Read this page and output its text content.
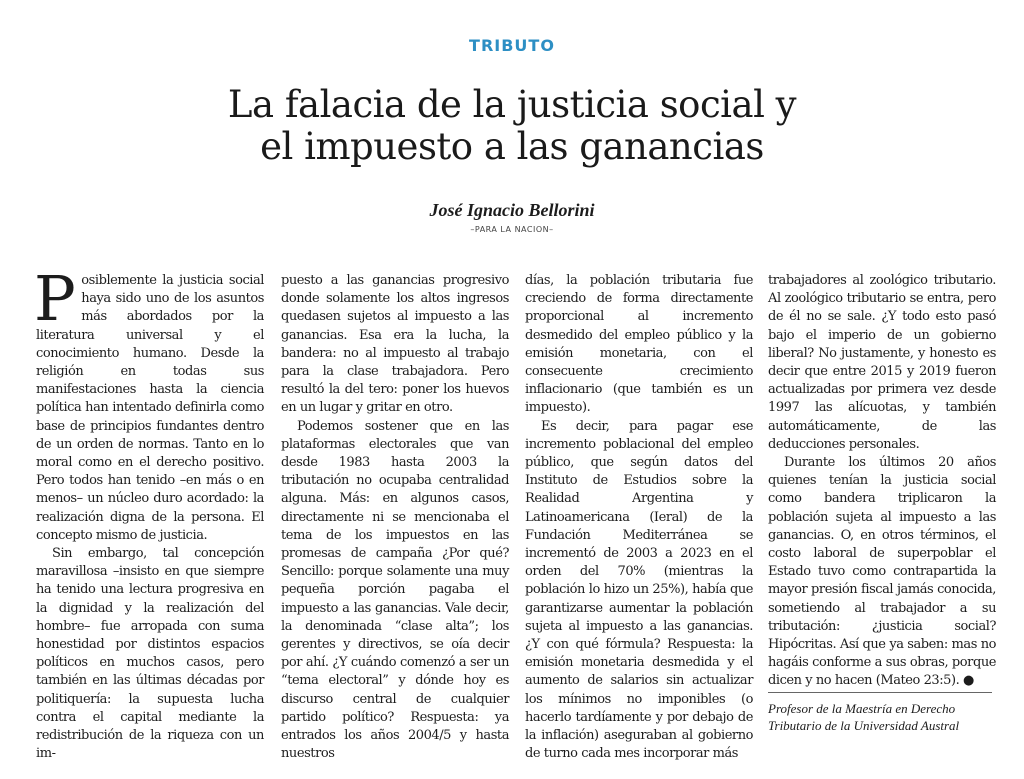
TRIBUTO
La falacia de la justicia social y
el impuesto a las ganancias
José Ignacio Bellorini
–PARA LA NACION–

Posiblemente la justicia social haya sido uno de los asuntos más abordados por la literatura universal y el conocimiento humano. Desde la religión en todas sus manifestaciones hasta la ciencia política han intentado definirla como base de principios fundantes dentro de un orden de normas. Tanto en lo moral como en el derecho positivo. Pero todos han tenido –en más o en menos– un núcleo duro acordado: la realización digna de la persona. El concepto mismo de justicia.

Sin embargo, tal concepción maravillosa –insisto en que siempre ha tenido una lectura progresiva en la dignidad y la realización del hombre– fue arropada con suma honestidad por distintos espacios políticos en muchos casos, pero también en las últimas décadas por politiquería: la supuesta lucha contra el capital mediante la redistribución de la riqueza con un im-

puesto a las ganancias progresivo donde solamente los altos ingresos quedasen sujetos al impuesto a las ganancias. Esa era la lucha, la bandera: no al impuesto al trabajo para la clase trabajadora. Pero resultó la del tero: poner los huevos en un lugar y gritar en otro.

Podemos sostener que en las plataformas electorales que van desde 1983 hasta 2003 la tributación no ocupaba centralidad alguna. Más: en algunos casos, directamente ni se mencionaba el tema de los impuestos en las promesas de campaña ¿Por qué? Sencillo: porque solamente una muy pequeña porción pagaba el impuesto a las ganancias. Vale decir, la denominada “clase alta”; los gerentes y directivos, se oía decir por ahí. ¿Y cuándo comenzó a ser un “tema electoral” y dónde hoy es discurso central de cualquier partido político? Respuesta: ya entrados los años 2004/5 y hasta nuestros

días, la población tributaria fue creciendo de forma directamente proporcional al incremento desmedido del empleo público y la emisión monetaria, con el consecuente crecimiento inflacionario (que también es un impuesto).

Es decir, para pagar ese incremento poblacional del empleo público, que según datos del Instituto de Estudios sobre la Realidad Argentina y Latinoamericana (Ieral) de la Fundación Mediterránea se incrementó de 2003 a 2023 en el orden del 70% (mientras la población lo hizo un 25%), había que garantizarse aumentar la población sujeta al impuesto a las ganancias. ¿Y con qué fórmula? Respuesta: la emisión monetaria desmedida y el aumento de salarios sin actualizar los mínimos no imponibles (o hacerlo tardíamente y por debajo de la inflación) aseguraban al gobierno de turno cada mes incorporar más

trabajadores al zoológico tributario. Al zoológico tributario se entra, pero de él no se sale. ¿Y todo esto pasó bajo el imperio de un gobierno liberal? No justamente, y honesto es decir que entre 2015 y 2019 fueron actualizadas por primera vez desde 1997 las alícuotas, y también automáticamente, de las deducciones personales.

Durante los últimos 20 años quienes tenían la justicia social como bandera triplicaron la población sujeta al impuesto a las ganancias. O, en otros términos, el costo laboral de superpoblar el Estado tuvo como contrapartida la mayor presión fiscal jamás conocida, sometiendo al trabajador a su tributación: ¿justicia social? Hipócritas. Así que ya saben: mas no hagáis conforme a sus obras, porque dicen y no hacen (Mateo 23:5). ●

Profesor de la Maestría en Derecho
Tributario de la Universidad Austral
